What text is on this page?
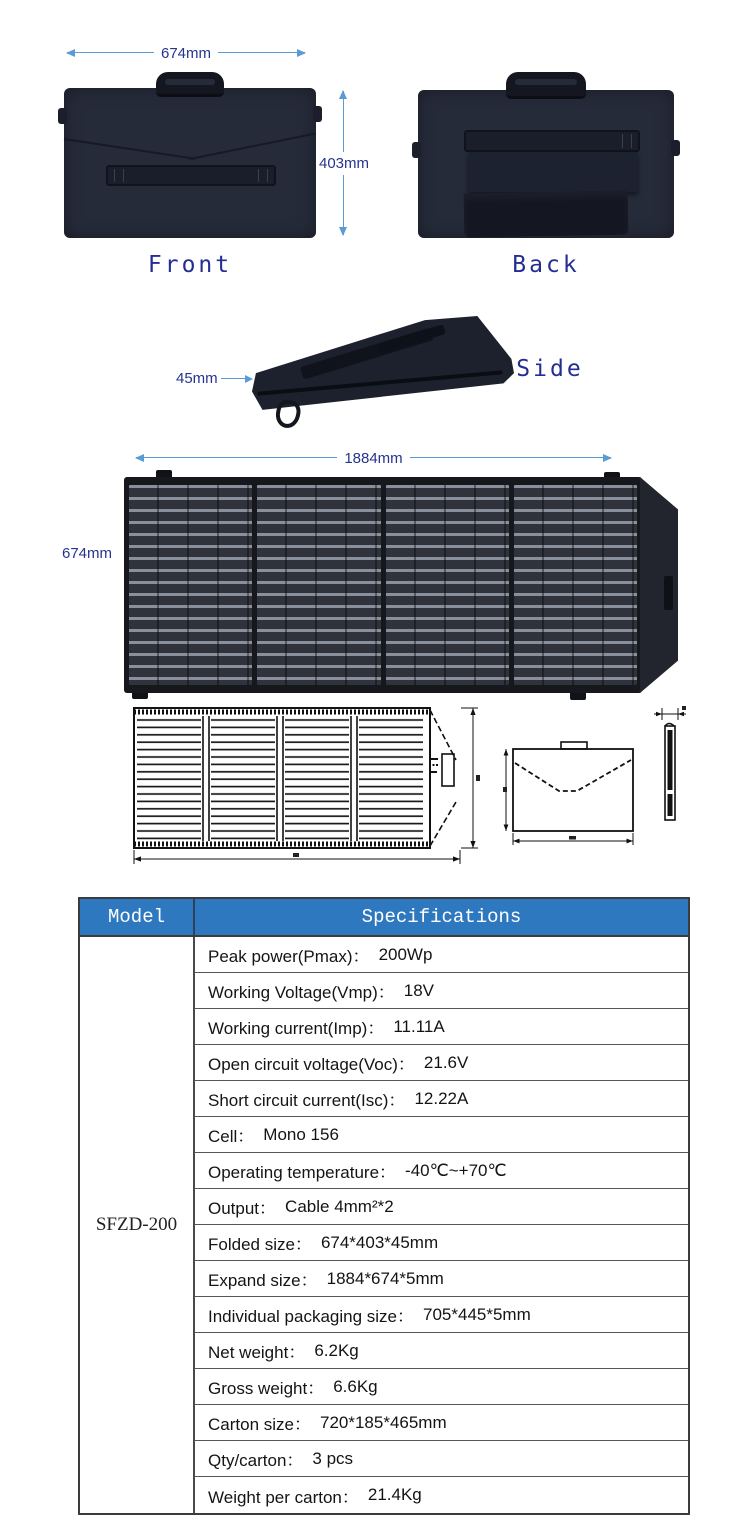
674mm
Front
403mm
Back
45mm	Side
1884mm
674mm
Model	Specifications
SFZD-200
Peak power(Pmax)： 200Wp
Working Voltage(Vmp)： 18V
Working current(Imp)： 11.11A
Open circuit voltage(Voc)： 21.6V
Short circuit current(Isc)： 12.22A
Cell： Mono 156
Operating temperature： -40℃~+70℃
Output： Cable 4mm²*2
Folded size： 674*403*45mm
Expand size： 1884*674*5mm
Individual packaging size： 705*445*5mm
Net weight： 6.2Kg
Gross weight： 6.6Kg
Carton size： 720*185*465mm
Qty/carton： 3 pcs
Weight per carton： 21.4Kg
